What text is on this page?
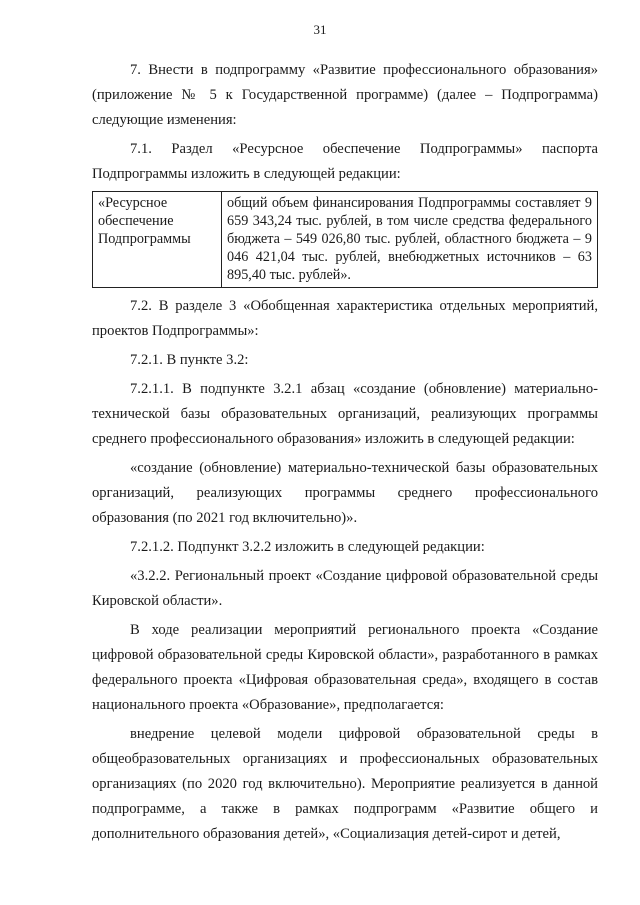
31

7. Внести в подпрограмму «Развитие профессионального образования» (приложение № 5 к Государственной программе) (далее – Подпрограмма) следующие изменения:

7.1. Раздел «Ресурсное обеспечение Подпрограммы» паспорта Подпрограммы изложить в следующей редакции:

«Ресурсное обеспечение Подпрограммы	общий объем финансирования Подпрограммы составляет 9 659 343,24 тыс. рублей, в том числе средства федерального бюджета – 549 026,80 тыс. рублей, областного бюджета – 9 046 421,04 тыс. рублей, внебюджетных источников – 63 895,40 тыс. рублей».

7.2. В разделе 3 «Обобщенная характеристика отдельных мероприятий, проектов Подпрограммы»:

7.2.1. В пункте 3.2:

7.2.1.1. В подпункте 3.2.1 абзац «создание (обновление) материально-технической базы образовательных организаций, реализующих программы среднего профессионального образования» изложить в следующей редакции:

«создание (обновление) материально-технической базы образовательных организаций, реализующих программы среднего профессионального образования (по 2021 год включительно)».

7.2.1.2. Подпункт 3.2.2 изложить в следующей редакции:

«3.2.2. Региональный проект «Создание цифровой образовательной среды Кировской области».

В ходе реализации мероприятий регионального проекта «Создание цифровой образовательной среды Кировской области», разработанного в рамках федерального проекта «Цифровая образовательная среда», входящего в состав национального проекта «Образование», предполагается:

внедрение целевой модели цифровой образовательной среды в общеобразовательных организациях и профессиональных образовательных организациях (по 2020 год включительно). Мероприятие реализуется в данной подпрограмме, а также в рамках подпрограмм «Развитие общего и дополнительного образования детей», «Социализация детей-сирот и детей,
